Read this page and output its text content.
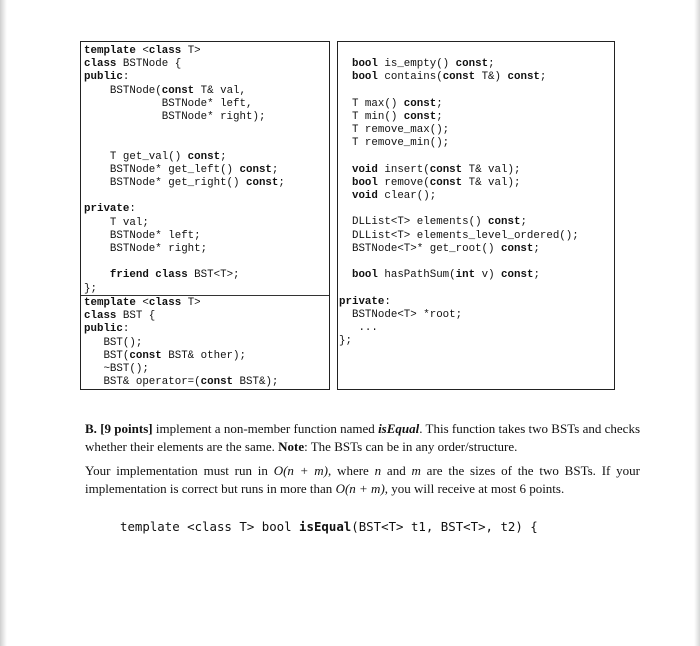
template <class T>
class BSTNode {
public:
BSTNode(const T& val,
BSTNode* left,
BSTNode* right);

T get_val() const;
BSTNode* get_left() const;
BSTNode* get_right() const;

private:
T val;
BSTNode* left;
BSTNode* right;

friend class BST<T>;
};
template <class T>
class BST {
public:
BST();
BST(const BST& other);
~BST();
BST& operator=(const BST&);
bool is_empty() const;
bool contains(const T&) const;

T max() const;
T min() const;
T remove_max();
T remove_min();

void insert(const T& val);
bool remove(const T& val);
void clear();

DLList<T> elements() const;
DLList<T> elements_level_ordered();
BSTNode<T>* get_root() const;

bool hasPathSum(int v) const;

private:
BSTNode<T> *root;
...
};

B. [9 points] implement a non-member function named isEqual. This function takes two BSTs and checks whether their elements are the same. Note: The BSTs can be in any order/structure.

Your implementation must run in O(n + m), where n and m are the sizes of the two BSTs. If your implementation is correct but runs in more than O(n + m), you will receive at most 6 points.

template <class T> bool isEqual(BST<T> t1, BST<T>, t2) {
